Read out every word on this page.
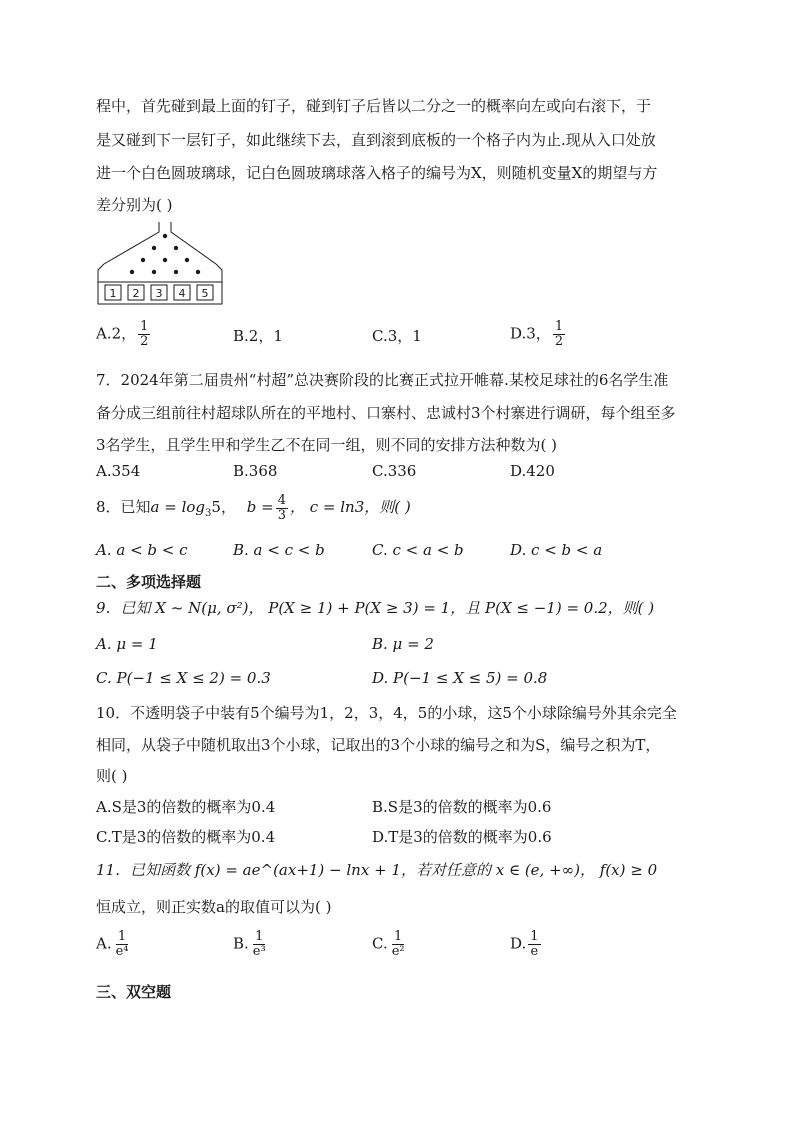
程中，首先碰到最上面的钉子，碰到钉子后皆以二分之一的概率向左或向右滚下，于
是又碰到下一层钉子，如此继续下去，直到滚到底板的一个格子内为止.现从入口处放
进一个白色圆玻璃球，记白色圆玻璃球落入格子的编号为X，则随机变量X的期望与方
差分别为( )
1 2 3 4 5
A.2， $\frac{1}{2}$	B.2，1	C.3，1	D.3， $\frac{1}{2}$
7．2024年第二届贵州“村超”总决赛阶段的比赛正式拉开帷幕.某校足球社的6名学生准
备分成三组前往村超球队所在的平地村、口寨村、忠诚村3个村寨进行调研，每个组至多
3名学生，且学生甲和学生乙不在同一组，则不同的安排方法种数为( )
A.354	B.368	C.336	D.420
8．已知$a = \log_35$， $b = \frac{4}{3}$ ， c = ln3，则( )
A. a < b < c	B. a < c < b	C. c < a < b	D. c < b < a
二、多项选择题
9．已知 X ~ N(μ, σ²)， P(X ≥ 1) + P(X ≥ 3) = 1，且 P(X ≤ −1) = 0.2，则( )
A. μ = 1	B. μ = 2
C. P(−1 ≤ X ≤ 2) = 0.3	D. P(−1 ≤ X ≤ 5) = 0.8
10．不透明袋子中装有5个编号为1，2，3，4，5的小球，这5个小球除编号外其余完全
相同，从袋子中随机取出3个小球，记取出的3个小球的编号之和为S，编号之积为T，
则( )
A.S是3的倍数的概率为0.4	B.S是3的倍数的概率为0.6
C.T是3的倍数的概率为0.4	D.T是3的倍数的概率为0.6
11．已知函数 f(x) = ae^(ax+1) − lnx + 1，若对任意的 x ∈ (e, +∞)， f(x) ≥ 0
恒成立，则正实数a的取值可以为( )
A. $\frac{1}{\text{e⁴}}$	B. $\frac{1}{\text{e³}}$	C. $\frac{1}{\text{e²}}$	D. $\frac{1}{e}$
三、双空题
